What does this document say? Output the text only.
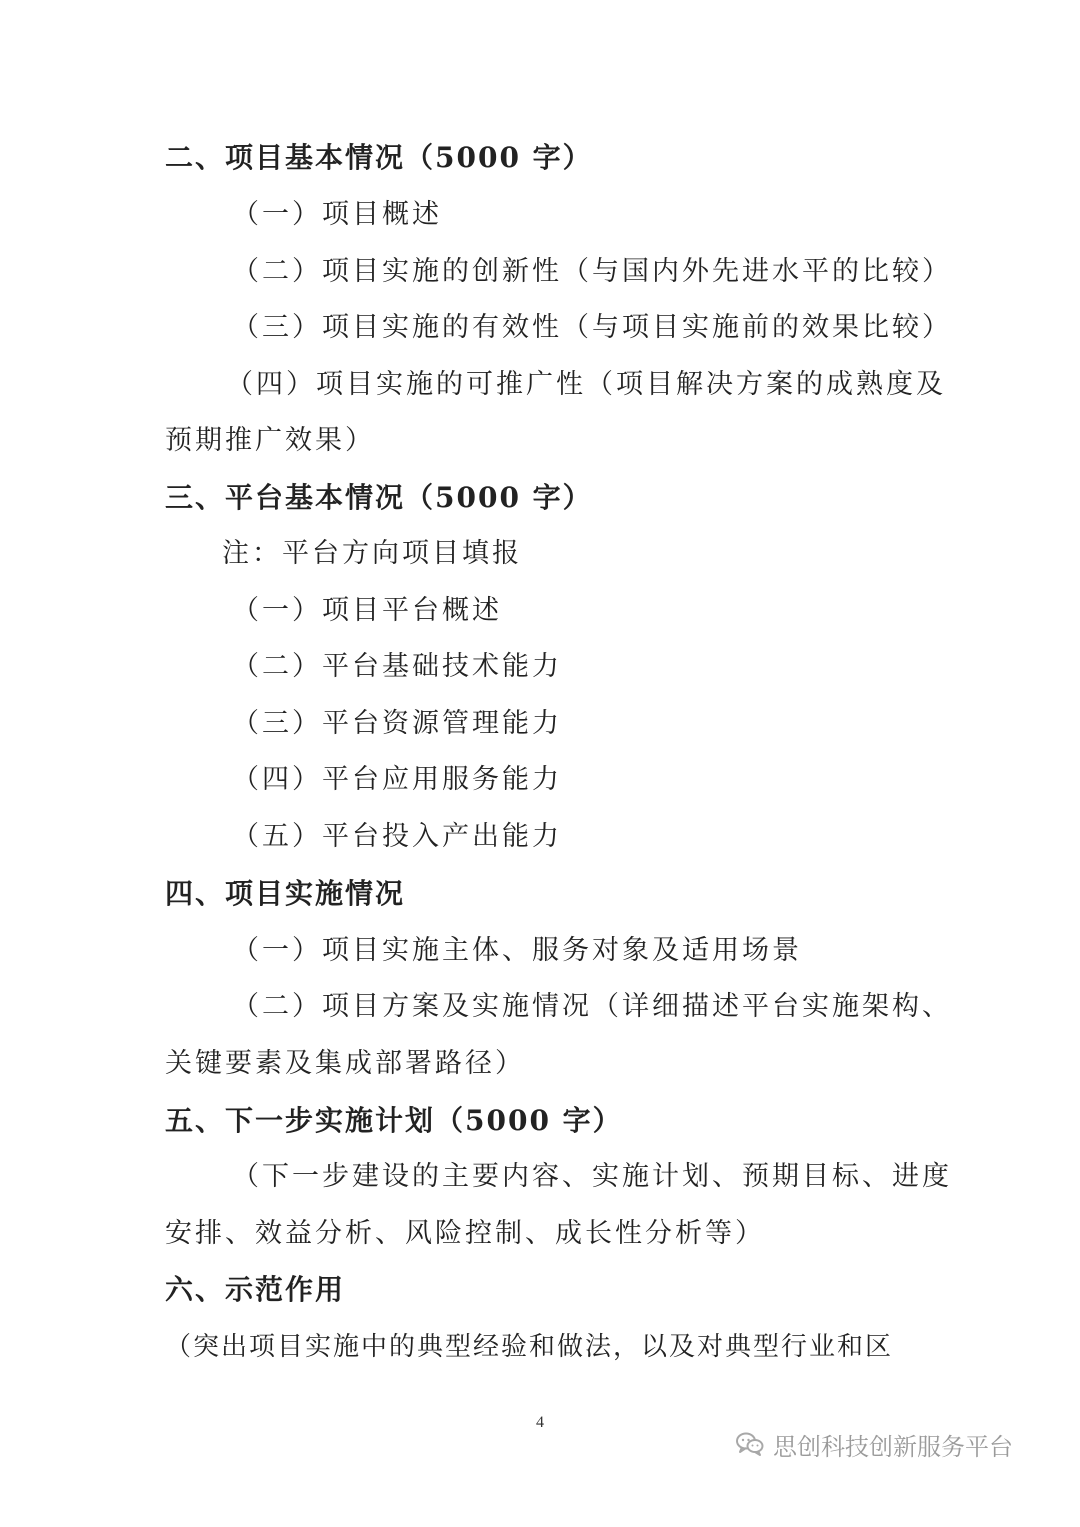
二、项目基本情况（5000 字）
（一）项目概述
（二）项目实施的创新性（与国内外先进水平的比较）
（三）项目实施的有效性（与项目实施前的效果比较）
（四）项目实施的可推广性（项目解决方案的成熟度及
预期推广效果）
三、平台基本情况（5000 字）
注：平台方向项目填报
（一）项目平台概述
（二）平台基础技术能力
（三）平台资源管理能力
（四）平台应用服务能力
（五）平台投入产出能力
四、项目实施情况
（一）项目实施主体、服务对象及适用场景
（二）项目方案及实施情况（详细描述平台实施架构、
关键要素及集成部署路径）
五、下一步实施计划（5000 字）
（下一步建设的主要内容、实施计划、预期目标、进度
安排、效益分析、风险控制、成长性分析等）
六、示范作用
（突出项目实施中的典型经验和做法，以及对典型行业和区
4
思创科技创新服务平台
